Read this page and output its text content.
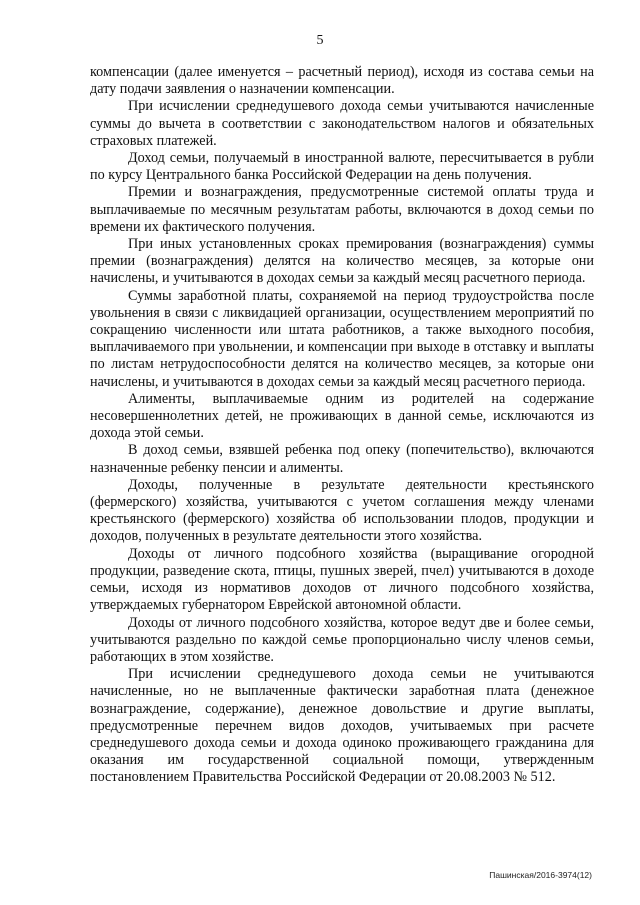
5

компенсации (далее именуется – расчетный период), исходя из состава семьи на дату подачи заявления о назначении компенсации.

При исчислении среднедушевого дохода семьи учитываются начисленные суммы до вычета в соответствии с законодательством налогов и обязательных страховых платежей.

Доход семьи, получаемый в иностранной валюте, пересчитывается в рубли по курсу Центрального банка Российской Федерации на день получения.

Премии и вознаграждения, предусмотренные системой оплаты труда и выплачиваемые по месячным результатам работы, включаются в доход семьи по времени их фактического получения.

При иных установленных сроках премирования (вознаграждения) суммы премии (вознаграждения) делятся на количество месяцев, за которые они начислены, и учитываются в доходах семьи за каждый месяц расчетного периода.

Суммы заработной платы, сохраняемой на период трудоустройства после увольнения в связи с ликвидацией организации, осуществлением мероприятий по сокращению численности или штата работников, а также выходного пособия, выплачиваемого при увольнении, и компенсации при выходе в отставку и выплаты по листам нетрудоспособности делятся на количество месяцев, за которые они начислены, и учитываются в доходах семьи за каждый месяц расчетного периода.

Алименты, выплачиваемые одним из родителей на содержание несовершеннолетних детей, не проживающих в данной семье, исключаются из дохода этой семьи.

В доход семьи, взявшей ребенка под опеку (попечительство), включаются назначенные ребенку пенсии и алименты.

Доходы, полученные в результате деятельности крестьянского (фермерского) хозяйства, учитываются с учетом соглашения между членами крестьянского (фермерского) хозяйства об использовании плодов, продукции и доходов, полученных в результате деятельности этого хозяйства.

Доходы от личного подсобного хозяйства (выращивание огородной продукции, разведение скота, птицы, пушных зверей, пчел) учитываются в доходе семьи, исходя из нормативов доходов от личного подсобного хозяйства, утверждаемых губернатором Еврейской автономной области.

Доходы от личного подсобного хозяйства, которое ведут две и более семьи, учитываются раздельно по каждой семье пропорционально числу членов семьи, работающих в этом хозяйстве.

При исчислении среднедушевого дохода семьи не учитываются начисленные, но не выплаченные фактически заработная плата (денежное вознаграждение, содержание), денежное довольствие и другие выплаты, предусмотренные перечнем видов доходов, учитываемых при расчете среднедушевого дохода семьи и дохода одиноко проживающего гражданина для оказания им государственной социальной помощи, утвержденным постановлением Правительства Российской Федерации от 20.08.2003 № 512.

Пашинская/2016-3974(12)
